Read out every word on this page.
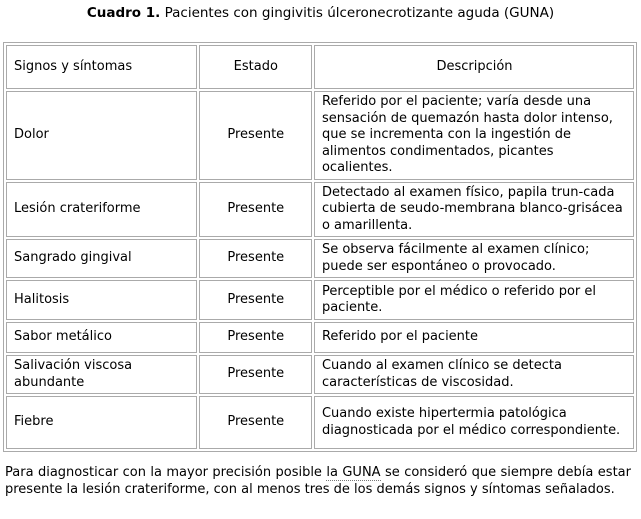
Cuadro 1. Pacientes con gingivitis úlceronecrotizante aguda (GUNA)
Signos y síntomas	Estado	Descripción
Dolor	Presente	Referido por el paciente; varía desde una sensación de quemazón hasta dolor intenso, que se incrementa con la ingestión de alimentos condimentados, picantes ocalientes.
Lesión crateriforme	Presente	Detectado al examen físico, papila trun-cada cubierta de seudo-membrana blanco-grisácea o amarillenta.
Sangrado gingival	Presente	Se observa fácilmente al examen clínico; puede ser espontáneo o provocado.
Halitosis	Presente	Perceptible por el médico o referido por el paciente.
Sabor metálico	Presente	Referido por el paciente
Salivación viscosa abundante	Presente	Cuando al examen clínico se detecta características de viscosidad.
Fiebre	Presente	Cuando existe hipertermia patológica diagnosticada por el médico correspondiente.

Para diagnosticar con la mayor precisión posible la GUNA se consideró que siempre debía estar presente la lesión crateriforme, con al menos tres de los demás signos y síntomas señalados.
